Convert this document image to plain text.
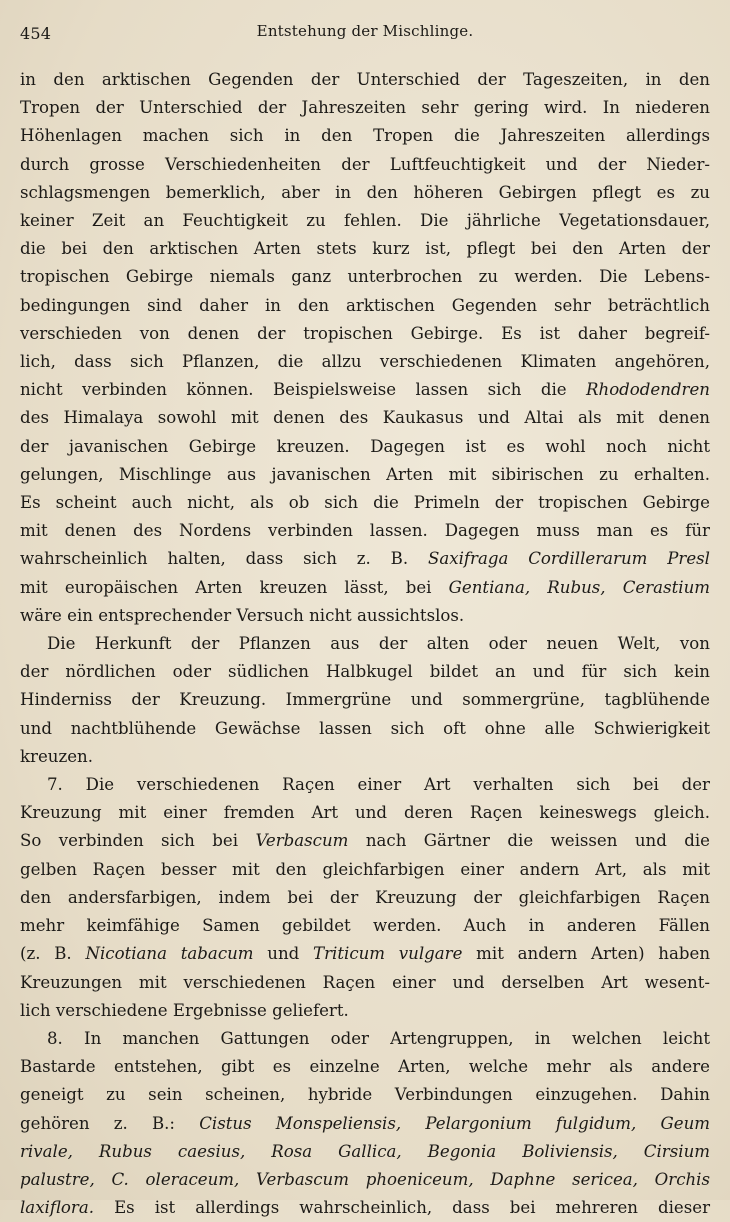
454	Entstehung der Mischlinge.
in den arktischen Gegenden der Unterschied der Tageszeiten, in den
Tropen der Unterschied der Jahreszeiten sehr gering wird. In niederen
Höhenlagen machen sich in den Tropen die Jahreszeiten allerdings
durch grosse Verschiedenheiten der Luftfeuchtigkeit und der Nieder-
schlagsmengen bemerklich, aber in den höheren Gebirgen pflegt es zu
keiner Zeit an Feuchtigkeit zu fehlen. Die jährliche Vegetationsdauer,
die bei den arktischen Arten stets kurz ist, pflegt bei den Arten der
tropischen Gebirge niemals ganz unterbrochen zu werden. Die Lebens-
bedingungen sind daher in den arktischen Gegenden sehr beträchtlich
verschieden von denen der tropischen Gebirge. Es ist daher begreif-
lich, dass sich Pflanzen, die allzu verschiedenen Klimaten angehören,
nicht verbinden können. Beispielsweise lassen sich die Rhododendren
des Himalaya sowohl mit denen des Kaukasus und Altai als mit denen
der javanischen Gebirge kreuzen. Dagegen ist es wohl noch nicht
gelungen, Mischlinge aus javanischen Arten mit sibirischen zu erhalten.
Es scheint auch nicht, als ob sich die Primeln der tropischen Gebirge
mit denen des Nordens verbinden lassen. Dagegen muss man es für
wahrscheinlich halten, dass sich z. B. Saxifraga Cordillerarum Presl
mit europäischen Arten kreuzen lässt, bei Gentiana, Rubus, Cerastium
wäre ein entsprechender Versuch nicht aussichtslos.
Die Herkunft der Pflanzen aus der alten oder neuen Welt, von
der nördlichen oder südlichen Halbkugel bildet an und für sich kein
Hinderniss der Kreuzung. Immergrüne und sommergrüne, tagblühende
und nachtblühende Gewächse lassen sich oft ohne alle Schwierigkeit
kreuzen.
7. Die verschiedenen Raçen einer Art verhalten sich bei der
Kreuzung mit einer fremden Art und deren Raçen keineswegs gleich.
So verbinden sich bei Verbascum nach Gärtner die weissen und die
gelben Raçen besser mit den gleichfarbigen einer andern Art, als mit
den andersfarbigen, indem bei der Kreuzung der gleichfarbigen Raçen
mehr keimfähige Samen gebildet werden. Auch in anderen Fällen
(z. B. Nicotiana tabacum und Triticum vulgare mit andern Arten) haben
Kreuzungen mit verschiedenen Raçen einer und derselben Art wesent-
lich verschiedene Ergebnisse geliefert.
8. In manchen Gattungen oder Artengruppen, in welchen leicht
Bastarde entstehen, gibt es einzelne Arten, welche mehr als andere
geneigt zu sein scheinen, hybride Verbindungen einzugehen. Dahin
gehören z. B.: Cistus Monspeliensis, Pelargonium fulgidum, Geum
rivale, Rubus caesius, Rosa Gallica, Begonia Boliviensis, Cirsium
palustre, C. oleraceum, Verbascum phoeniceum, Daphne sericea, Orchis
laxiflora. Es ist allerdings wahrscheinlich, dass bei mehreren dieser
